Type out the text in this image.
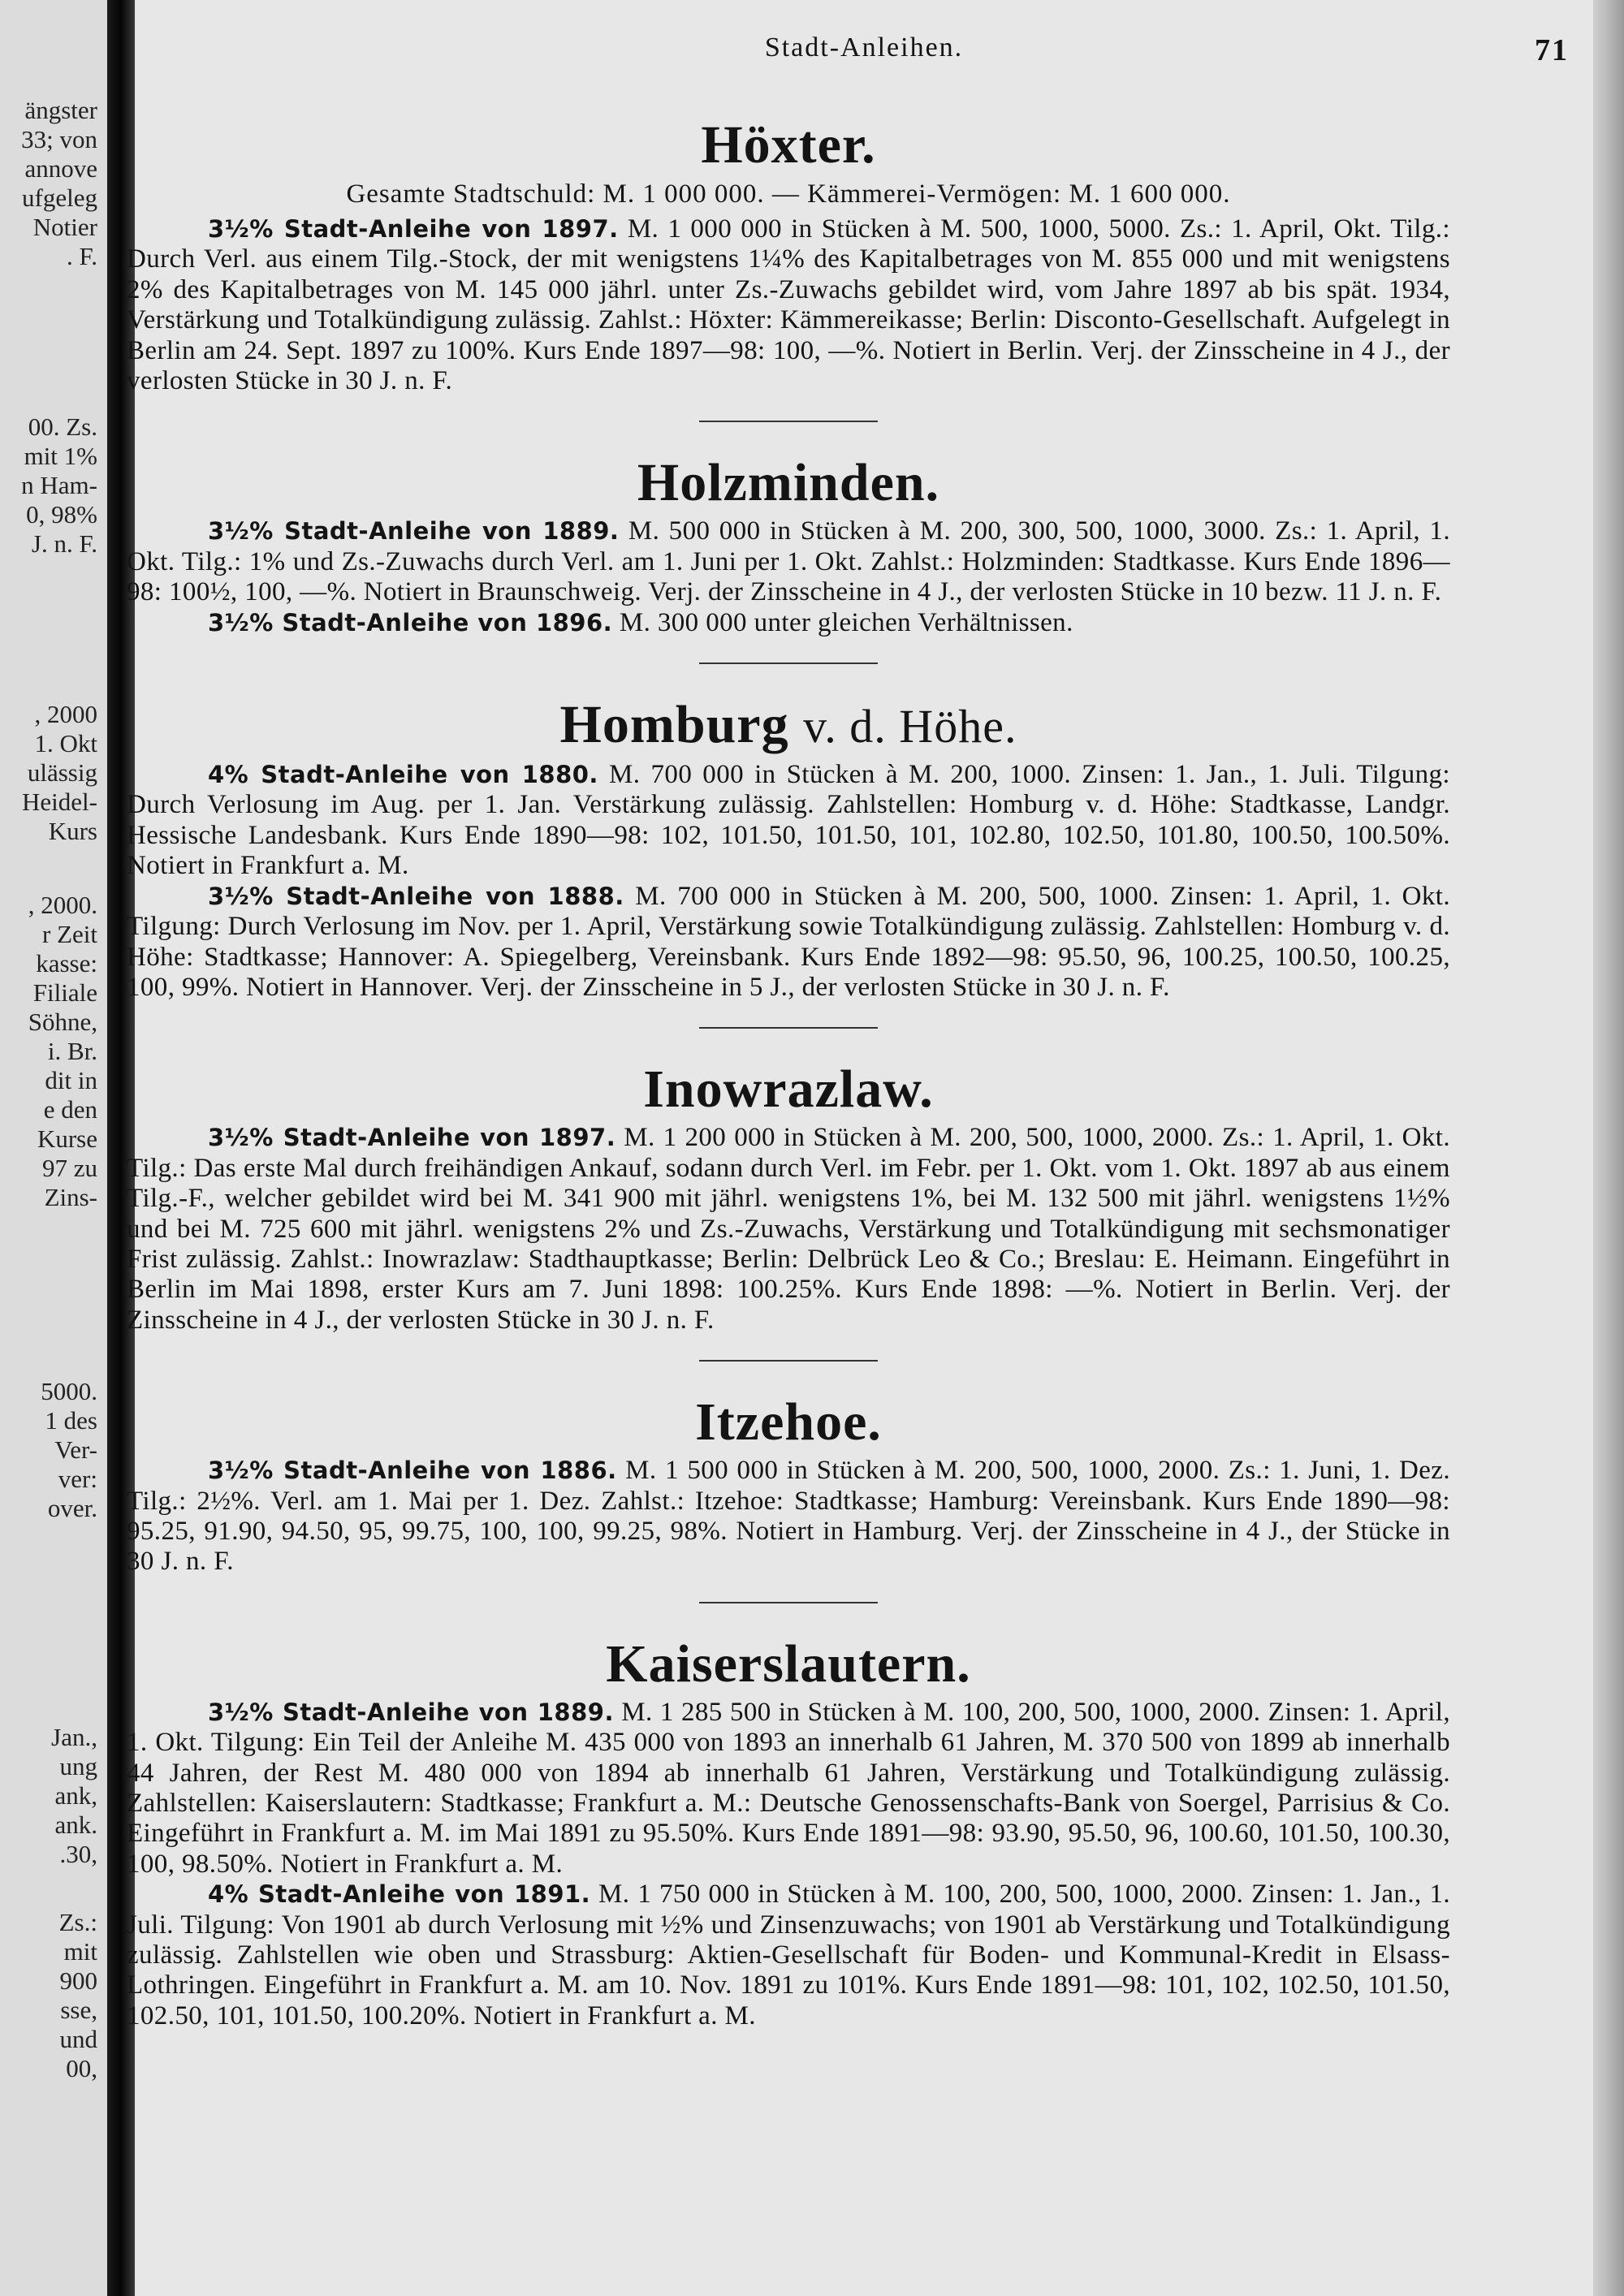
ängster
33; von
annove
ufgeleg
Notier
. F.
00. Zs.
mit 1%
n Ham-
0, 98%
J. n. F.
, 2000
1. Okt
ulässig
Heidel-
Kurs
, 2000.
r Zeit
kasse:
Filiale
Söhne,
i. Br.
dit in
e den
Kurse
97 zu
Zins-
5000.
1 des
Ver-
ver:
over.
Jan.,
ung
ank,
ank.
.30,
Zs.:
mit
900
sse,
und
00,
Stadt-Anleihen.	71
Höxter.

Gesamte Stadtschuld: M. 1 000 000. — Kämmerei-Vermögen: M. 1 600 000.

3½% Stadt-Anleihe von 1897. M. 1 000 000 in Stücken à M. 500, 1000, 5000. Zs.: 1. April, Okt. Tilg.: Durch Verl. aus einem Tilg.-Stock, der mit wenigstens 1¼% des Kapitalbetrages von M. 855 000 und mit wenigstens 2% des Kapitalbetrages von M. 145 000 jährl. unter Zs.-Zuwachs gebildet wird, vom Jahre 1897 ab bis spät. 1934, Verstärkung und Totalkündigung zulässig. Zahlst.: Höxter: Kämmereikasse; Berlin: Disconto-Gesellschaft. Aufgelegt in Berlin am 24. Sept. 1897 zu 100%. Kurs Ende 1897—98: 100, —%. Notiert in Berlin. Verj. der Zinsscheine in 4 J., der verlosten Stücke in 30 J. n. F.

Holzminden.

3½% Stadt-Anleihe von 1889. M. 500 000 in Stücken à M. 200, 300, 500, 1000, 3000. Zs.: 1. April, 1. Okt. Tilg.: 1% und Zs.-Zuwachs durch Verl. am 1. Juni per 1. Okt. Zahlst.: Holzminden: Stadtkasse. Kurs Ende 1896—98: 100½, 100, —%. Notiert in Braunschweig. Verj. der Zinsscheine in 4 J., der verlosten Stücke in 10 bezw. 11 J. n. F.

3½% Stadt-Anleihe von 1896. M. 300 000 unter gleichen Verhältnissen.

Homburg v. d. Höhe.

4% Stadt-Anleihe von 1880. M. 700 000 in Stücken à M. 200, 1000. Zinsen: 1. Jan., 1. Juli. Tilgung: Durch Verlosung im Aug. per 1. Jan. Verstärkung zulässig. Zahlstellen: Homburg v. d. Höhe: Stadtkasse, Landgr. Hessische Landesbank. Kurs Ende 1890—98: 102, 101.50, 101.50, 101, 102.80, 102.50, 101.80, 100.50, 100.50%. Notiert in Frankfurt a. M.

3½% Stadt-Anleihe von 1888. M. 700 000 in Stücken à M. 200, 500, 1000. Zinsen: 1. April, 1. Okt. Tilgung: Durch Verlosung im Nov. per 1. April, Verstärkung sowie Totalkündigung zulässig. Zahlstellen: Homburg v. d. Höhe: Stadtkasse; Hannover: A. Spiegelberg, Vereinsbank. Kurs Ende 1892—98: 95.50, 96, 100.25, 100.50, 100.25, 100, 99%. Notiert in Hannover. Verj. der Zinsscheine in 5 J., der verlosten Stücke in 30 J. n. F.

Inowrazlaw.

3½% Stadt-Anleihe von 1897. M. 1 200 000 in Stücken à M. 200, 500, 1000, 2000. Zs.: 1. April, 1. Okt. Tilg.: Das erste Mal durch freihändigen Ankauf, sodann durch Verl. im Febr. per 1. Okt. vom 1. Okt. 1897 ab aus einem Tilg.-F., welcher gebildet wird bei M. 341 900 mit jährl. wenigstens 1%, bei M. 132 500 mit jährl. wenigstens 1½% und bei M. 725 600 mit jährl. wenigstens 2% und Zs.-Zuwachs, Verstärkung und Totalkündigung mit sechsmonatiger Frist zulässig. Zahlst.: Inowrazlaw: Stadthauptkasse; Berlin: Delbrück Leo & Co.; Breslau: E. Heimann. Eingeführt in Berlin im Mai 1898, erster Kurs am 7. Juni 1898: 100.25%. Kurs Ende 1898: —%. Notiert in Berlin. Verj. der Zinsscheine in 4 J., der verlosten Stücke in 30 J. n. F.

Itzehoe.

3½% Stadt-Anleihe von 1886. M. 1 500 000 in Stücken à M. 200, 500, 1000, 2000. Zs.: 1. Juni, 1. Dez. Tilg.: 2½%. Verl. am 1. Mai per 1. Dez. Zahlst.: Itzehoe: Stadtkasse; Hamburg: Vereinsbank. Kurs Ende 1890—98: 95.25, 91.90, 94.50, 95, 99.75, 100, 100, 99.25, 98%. Notiert in Hamburg. Verj. der Zinsscheine in 4 J., der Stücke in 30 J. n. F.

Kaiserslautern.

3½% Stadt-Anleihe von 1889. M. 1 285 500 in Stücken à M. 100, 200, 500, 1000, 2000. Zinsen: 1. April, 1. Okt. Tilgung: Ein Teil der Anleihe M. 435 000 von 1893 an innerhalb 61 Jahren, M. 370 500 von 1899 ab innerhalb 44 Jahren, der Rest M. 480 000 von 1894 ab innerhalb 61 Jahren, Verstärkung und Totalkündigung zulässig. Zahlstellen: Kaiserslautern: Stadtkasse; Frankfurt a. M.: Deutsche Genossenschafts-Bank von Soergel, Parrisius & Co. Eingeführt in Frankfurt a. M. im Mai 1891 zu 95.50%. Kurs Ende 1891—98: 93.90, 95.50, 96, 100.60, 101.50, 100.30, 100, 98.50%. Notiert in Frankfurt a. M.

4% Stadt-Anleihe von 1891. M. 1 750 000 in Stücken à M. 100, 200, 500, 1000, 2000. Zinsen: 1. Jan., 1. Juli. Tilgung: Von 1901 ab durch Verlosung mit ½% und Zinsenzuwachs; von 1901 ab Verstärkung und Totalkündigung zulässig. Zahlstellen wie oben und Strassburg: Aktien-Gesellschaft für Boden- und Kommunal-Kredit in Elsass-Lothringen. Eingeführt in Frankfurt a. M. am 10. Nov. 1891 zu 101%. Kurs Ende 1891—98: 101, 102, 102.50, 101.50, 102.50, 101, 101.50, 100.20%. Notiert in Frankfurt a. M.
